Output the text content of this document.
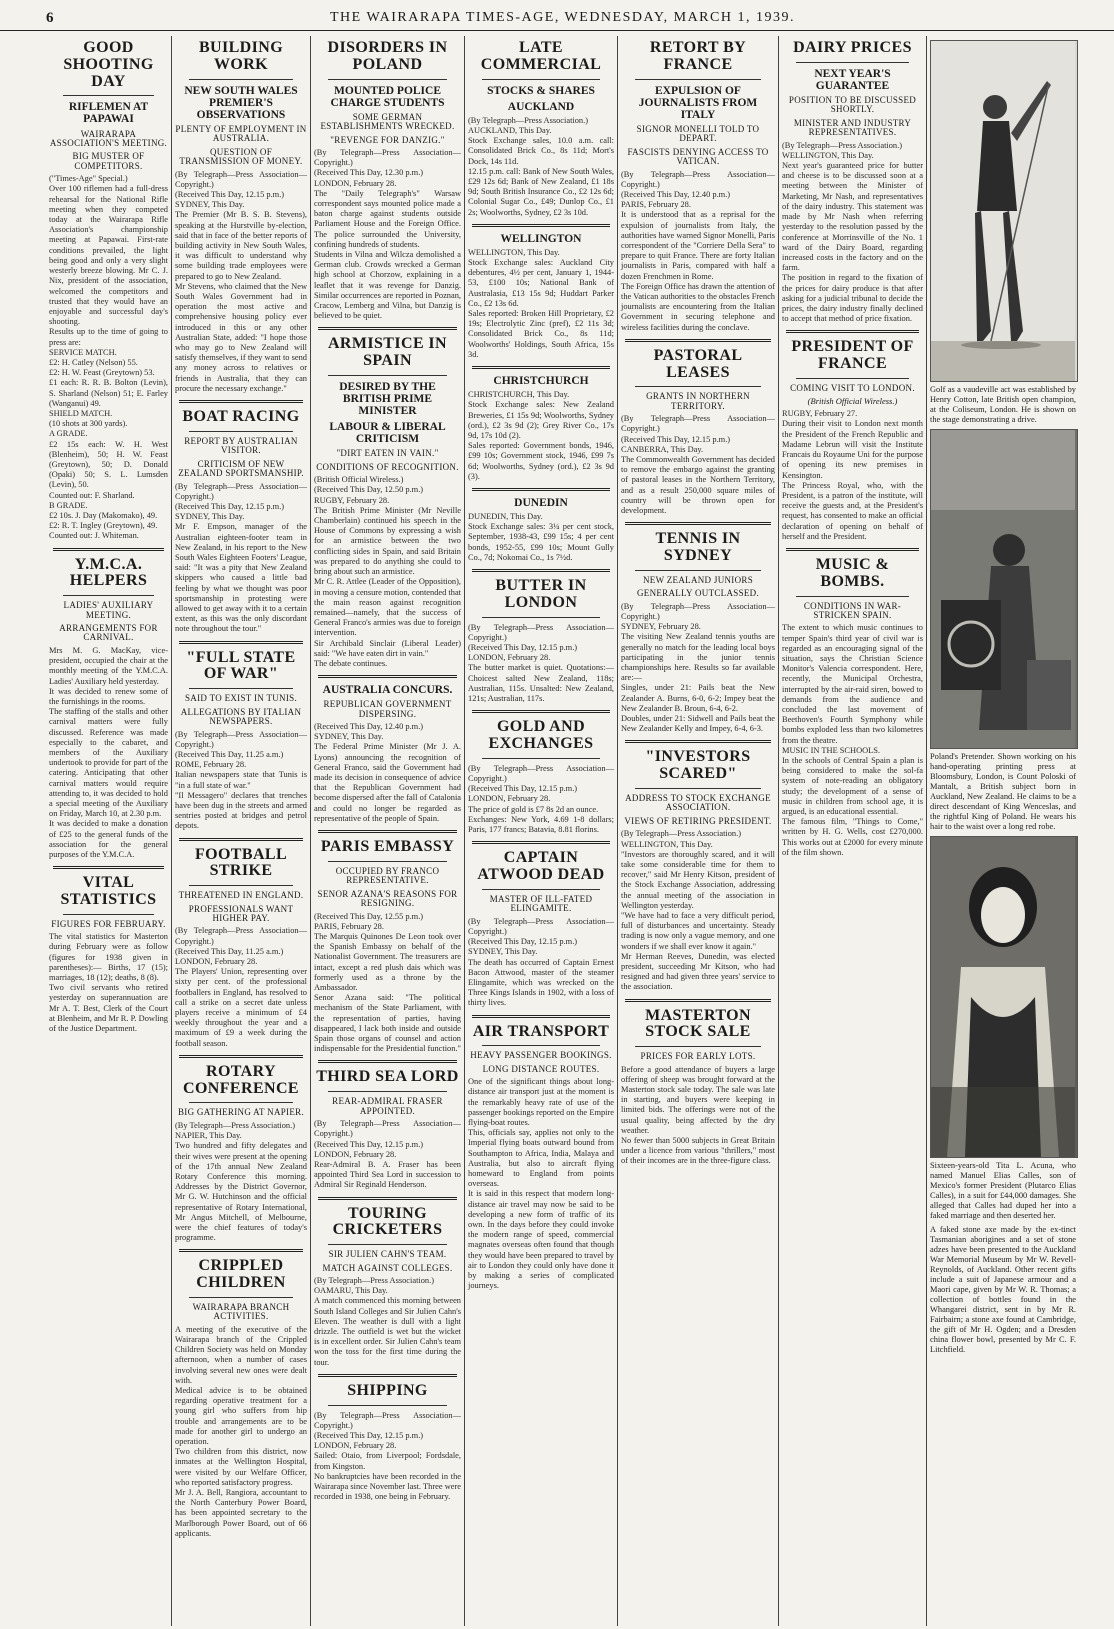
6	THE WAIRARAPA TIMES-AGE, WEDNESDAY, MARCH 1, 1939.
GOOD SHOOTING DAY
RIFLEMEN AT PAPAWAI
WAIRARAPA ASSOCIATION'S MEETING.
BIG MUSTER OF COMPETITORS.

("Times-Age" Special.)
Over 100 riflemen had a full-dress rehearsal for the National Rifle meeting when they competed today at the Wairarapa Rifle Association's championship meeting at Papawai. First-rate conditions prevailed, the light being good and only a very slight westerly breeze blowing. Mr C. J. Nix, president of the association, welcomed the competitors and trusted that they would have an enjoyable and successful day's shooting.
Results up to the time of going to press are:
SERVICE MATCH.
£2: H. Catley (Nelson) 55.
£2: H. W. Feast (Greytown) 53.
£1 each: R. R. B. Bolton (Levin), S. Sharland (Nelson) 51; E. Farley (Wanganui) 49.
SHIELD MATCH.
(10 shots at 300 yards).
A GRADE.
£2 15s each: W. H. West (Blenheim), 50; H. W. Feast (Greytown), 50; D. Donald (Opaki) 50; S. L. Lumsden (Levin), 50.
Counted out: F. Sharland.
B GRADE.
£2 10s. J. Day (Makomako), 49.
£2: R. T. Ingley (Greytown), 49.
Counted out: J. Whiteman.

Y.M.C.A. HELPERS
LADIES' AUXILIARY MEETING.
ARRANGEMENTS FOR CARNIVAL.

Mrs M. G. MacKay, vice-president, occupied the chair at the monthly meeting of the Y.M.C.A. Ladies' Auxiliary held yesterday.
It was decided to renew some of the furnishings in the rooms.
The staffing of the stalls and other carnival matters were fully discussed. Reference was made especially to the cabaret, and members of the Auxiliary undertook to provide for part of the catering. Anticipating that other carnival matters would require attending to, it was decided to hold a special meeting of the Auxiliary on Friday, March 10, at 2.30 p.m.
It was decided to make a donation of £25 to the general funds of the association for the general purposes of the Y.M.C.A.

VITAL STATISTICS
FIGURES FOR FEBRUARY.

The vital statistics for Masterton during February were as follow (figures for 1938 given in parentheses):— Births, 17 (15); marriages, 18 (12); deaths, 8 (8).
Two civil servants who retired yesterday on superannuation are Mr A. T. Best, Clerk of the Court at Blenheim, and Mr R. P. Dowling of the Justice Department.

BUILDING WORK
NEW SOUTH WALES PREMIER'S OBSERVATIONS
PLENTY OF EMPLOYMENT IN AUSTRALIA.
QUESTION OF TRANSMISSION OF MONEY.

(By Telegraph—Press Association—Copyright.)
(Received This Day, 12.15 p.m.)
SYDNEY, This Day.
The Premier (Mr B. S. B. Stevens), speaking at the Hurstville by-election, said that in face of the better reports of building activity in New South Wales, it was difficult to understand why some building trade employees were prepared to go to New Zealand.
Mr Stevens, who claimed that the New South Wales Government had in operation the most active and comprehensive housing policy ever introduced in this or any other Australian State, added: "I hope those who may go to New Zealand will satisfy themselves, if they want to send any money across to relatives or friends in Australia, that they can procure the necessary exchange."

BOAT RACING
REPORT BY AUSTRALIAN VISITOR.
CRITICISM OF NEW ZEALAND SPORTSMANSHIP.

(By Telegraph—Press Association—Copyright.)
(Received This Day, 12.15 p.m.)
SYDNEY, This Day.
Mr F. Empson, manager of the Australian eighteen-footer team in New Zealand, in his report to the New South Wales Eighteen Footers' League, said: "It was a pity that New Zealand skippers who caused a little bad feeling by what we thought was poor sportsmanship in protesting were allowed to get away with it to a certain extent, as this was the only discordant note throughout the tour."

"FULL STATE OF WAR"
SAID TO EXIST IN TUNIS.
ALLEGATIONS BY ITALIAN NEWSPAPERS.

(By Telegraph—Press Association—Copyright.)
(Received This Day, 11.25 a.m.)
ROME, February 28.
Italian newspapers state that Tunis is "in a full state of war."
"Il Messagero" declares that trenches have been dug in the streets and armed sentries posted at bridges and petrol depots.

FOOTBALL STRIKE
THREATENED IN ENGLAND.
PROFESSIONALS WANT HIGHER PAY.

(By Telegraph—Press Association—Copyright.)
(Received This Day, 11.25 a.m.)
LONDON, February 28.
The Players' Union, representing over sixty per cent. of the professional footballers in England, has resolved to call a strike on a secret date unless players receive a minimum of £4 weekly throughout the year and a maximum of £9 a week during the football season.

ROTARY CONFERENCE
BIG GATHERING AT NAPIER.

(By Telegraph—Press Association.)
NAPIER, This Day.
Two hundred and fifty delegates and their wives were present at the opening of the 17th annual New Zealand Rotary Conference this morning. Addresses by the District Governor, Mr G. W. Hutchinson and the official representative of Rotary International, Mr Angus Mitchell, of Melbourne, were the chief features of today's programme.

CRIPPLED CHILDREN
WAIRARAPA BRANCH ACTIVITIES.

A meeting of the executive of the Wairarapa branch of the Crippled Children Society was held on Monday afternoon, when a number of cases involving several new ones were dealt with.
Medical advice is to be obtained regarding operative treatment for a young girl who suffers from hip trouble and arrangements are to be made for another girl to undergo an operation.
Two children from this district, now inmates at the Wellington Hospital, were visited by our Welfare Officer, who reported satisfactory progress.
Mr J. A. Bell, Rangiora, accountant to the North Canterbury Power Board, has been appointed secretary to the Marlborough Power Board, out of 66 applicants.

DISORDERS IN POLAND
MOUNTED POLICE CHARGE STUDENTS
SOME GERMAN ESTABLISHMENTS WRECKED.
"REVENGE FOR DANZIG."

(By Telegraph—Press Association—Copyright.)
(Received This Day, 12.30 p.m.)
LONDON, February 28.
The "Daily Telegraph's" Warsaw correspondent says mounted police made a baton charge against students outside Parliament House and the Foreign Office. The police surrounded the University, confining hundreds of students.
Students in Vilna and Wilcza demolished a German club. Crowds wrecked a German high school at Chorzow, explaining in a leaflet that it was revenge for Danzig. Similar occurrences are reported in Poznan, Cracow, Lemberg and Vilna, but Danzig is believed to be quiet.

ARMISTICE IN SPAIN
DESIRED BY THE BRITISH PRIME MINISTER
LABOUR & LIBERAL CRITICISM
"DIRT EATEN IN VAIN."
CONDITIONS OF RECOGNITION.

(British Official Wireless.)
(Received This Day, 12.50 p.m.)
RUGBY, February 28.
The British Prime Minister (Mr Neville Chamberlain) continued his speech in the House of Commons by expressing a wish for an armistice between the two conflicting sides in Spain, and said Britain was prepared to do anything she could to bring about such an armistice.
Mr C. R. Attlee (Leader of the Opposition), in moving a censure motion, contended that the main reason against recognition remained—namely, that the success of General Franco's armies was due to foreign intervention.
Sir Archibald Sinclair (Liberal Leader) said: "We have eaten dirt in vain."
The debate continues.

AUSTRALIA CONCURS.
REPUBLICAN GOVERNMENT DISPERSING.

(Received This Day, 12.40 p.m.)
SYDNEY, This Day.
The Federal Prime Minister (Mr J. A. Lyons) announcing the recognition of General Franco, said the Government had made its decision in consequence of advice that the Republican Government had become dispersed after the fall of Catalonia and could no longer be regarded as representative of the people of Spain.

PARIS EMBASSY
OCCUPIED BY FRANCO REPRESENTATIVE.
SENOR AZANA'S REASONS FOR RESIGNING.

(Received This Day, 12.55 p.m.)
PARIS, February 28.
The Marquis Quinones De Leon took over the Spanish Embassy on behalf of the Nationalist Government. The treasurers are intact, except a red plush dais which was formerly used as a throne by the Ambassador.
Senor Azana said: "The political mechanism of the State Parliament, with the representation of parties, having disappeared, I lack both inside and outside Spain those organs of counsel and action indispensable for the Presidential function."

THIRD SEA LORD
REAR-ADMIRAL FRASER APPOINTED.

(By Telegraph—Press Association—Copyright.)
(Received This Day, 12.15 p.m.)
LONDON, February 28.
Rear-Admiral B. A. Fraser has been appointed Third Sea Lord in succession to Admiral Sir Reginald Henderson.

TOURING CRICKETERS
SIR JULIEN CAHN'S TEAM.
MATCH AGAINST COLLEGES.

(By Telegraph—Press Association.)
OAMARU, This Day.
A match commenced this morning between South Island Colleges and Sir Julien Cahn's Eleven. The weather is dull with a light drizzle. The outfield is wet but the wicket is in excellent order. Sir Julien Cahn's team won the toss for the first time during the tour.

SHIPPING

(By Telegraph—Press Association—Copyright.)
(Received This Day, 12.15 p.m.)
LONDON, February 28.
Sailed: Otaio, from Liverpool; Fordsdale, from Kingston.
No bankruptcies have been recorded in the Wairarapa since November last. Three were recorded in 1938, one being in February.

LATE COMMERCIAL
STOCKS & SHARES
AUCKLAND

(By Telegraph—Press Association.)
AUCKLAND, This Day.
Stock Exchange sales, 10.0 a.m. call: Consolidated Brick Co., 8s 11d; Mort's Dock, 14s 11d.
12.15 p.m. call: Bank of New South Wales, £29 12s 6d; Bank of New Zealand, £1 18s 9d; South British Insurance Co., £2 12s 6d; Colonial Sugar Co., £49; Dunlop Co., £1 2s; Woolworths, Sydney, £2 3s 10d.

WELLINGTON

WELLINGTON, This Day.
Stock Exchange sales: Auckland City debentures, 4½ per cent, January 1, 1944-53, £100 10s; National Bank of Australasia, £13 15s 9d; Huddart Parker Co., £2 13s 6d.
Sales reported: Broken Hill Proprietary, £2 19s; Electrolytic Zinc (pref), £2 11s 3d; Consolidated Brick Co., 8s 11d; Woolworths' Holdings, South Africa, 15s 3d.

CHRISTCHURCH

CHRISTCHURCH, This Day.
Stock Exchange sales: New Zealand Breweries, £1 15s 9d; Woolworths, Sydney (ord.), £2 3s 9d (2); Grey River Co., 17s 9d, 17s 10d (2).
Sales reported: Government bonds, 1946, £99 10s; Government stock, 1946, £99 7s 6d; Woolworths, Sydney (ord.), £2 3s 9d (3).

DUNEDIN

DUNEDIN, This Day.
Stock Exchange sales: 3¼ per cent stock, September, 1938-43, £99 15s; 4 per cent bonds, 1952-55, £99 10s; Mount Gully Co., 7d; Nokomai Co., 1s 7½d.

BUTTER IN LONDON

(By Telegraph—Press Association—Copyright.)
(Received This Day, 12.15 p.m.)
LONDON, February 28.
The butter market is quiet. Quotations:—Choicest salted New Zealand, 118s; Australian, 115s. Unsalted: New Zealand, 121s; Australian, 117s.

GOLD AND EXCHANGES

(By Telegraph—Press Association—Copyright.)
(Received This Day, 12.15 p.m.)
LONDON, February 28.
The price of gold is £7 8s 2d an ounce.
Exchanges: New York, 4.69 1-8 dollars; Paris, 177 francs; Batavia, 8.81 florins.

CAPTAIN ATWOOD DEAD
MASTER OF ILL-FATED ELINGAMITE.

(By Telegraph—Press Association—Copyright.)
(Received This Day, 12.15 p.m.)
SYDNEY, This Day.
The death has occurred of Captain Ernest Bacon Attwood, master of the steamer Elingamite, which was wrecked on the Three Kings Islands in 1902, with a loss of thirty lives.

AIR TRANSPORT
HEAVY PASSENGER BOOKINGS.
LONG DISTANCE ROUTES.

One of the significant things about long-distance air transport just at the moment is the remarkably heavy rate of use of the passenger bookings reported on the Empire flying-boat routes.
This, officials say, applies not only to the Imperial flying boats outward bound from Southampton to Africa, India, Malaya and Australia, but also to aircraft flying homeward to England from points overseas.
It is said in this respect that modern long-distance air travel may now be said to be developing a new form of traffic of its own. In the days before they could invoke the modern range of speed, commercial magnates overseas often found that though they would have been prepared to travel by air to London they could only have done it by making a series of complicated journeys.

RETORT BY FRANCE
EXPULSION OF JOURNALISTS FROM ITALY
SIGNOR MONELLI TOLD TO DEPART.
FASCISTS DENYING ACCESS TO VATICAN.

(By Telegraph—Press Association—Copyright.)
(Received This Day, 12.40 p.m.)
PARIS, February 28.
It is understood that as a reprisal for the expulsion of journalists from Italy, the authorities have warned Signor Monelli, Paris correspondent of the "Corriere Della Sera" to prepare to quit France. There are forty Italian journalists in Paris, compared with half a dozen Frenchmen in Rome.
The Foreign Office has drawn the attention of the Vatican authorities to the obstacles French journalists are encountering from the Italian Government in securing telephone and wireless facilities during the conclave.

PASTORAL LEASES
GRANTS IN NORTHERN TERRITORY.

(By Telegraph—Press Association—Copyright.)
(Received This Day, 12.15 p.m.)
CANBERRA, This Day.
The Commonwealth Government has decided to remove the embargo against the granting of pastoral leases in the Northern Territory, and as a result 250,000 square miles of country will be thrown open for development.

TENNIS IN SYDNEY
NEW ZEALAND JUNIORS
GENERALLY OUTCLASSED.

(By Telegraph—Press Association—Copyright.)
SYDNEY, February 28.
The visiting New Zealand tennis youths are generally no match for the leading local boys participating in the junior tennis championships here. Results so far available are:—
Singles, under 21: Pails beat the New Zealander A. Burns, 6-0, 6-2; Impey beat the New Zealander B. Broun, 6-4, 6-2.
Doubles, under 21: Sidwell and Pails beat the New Zealander Kelly and Impey, 6-4, 6-3.

"INVESTORS SCARED"
ADDRESS TO STOCK EXCHANGE ASSOCIATION.
VIEWS OF RETIRING PRESIDENT.

(By Telegraph—Press Association.)
WELLINGTON, This Day.
"Investors are thoroughly scared, and it will take some considerable time for them to recover," said Mr Henry Kitson, president of the Stock Exchange Association, addressing the annual meeting of the association in Wellington yesterday.
"We have had to face a very difficult period, full of disturbances and uncertainty. Steady trading is now only a vague memory, and one wonders if we shall ever know it again."
Mr Herman Reeves, Dunedin, was elected president, succeeding Mr Kitson, who had resigned and had given three years' service to the association.

MASTERTON STOCK SALE
PRICES FOR EARLY LOTS.

Before a good attendance of buyers a large offering of sheep was brought forward at the Masterton stock sale today. The sale was late in starting, and buyers were keeping in limited bids. The offerings were not of the usual quality, being affected by the dry weather.
No fewer than 5000 subjects in Great Britain under a licence from various "thrillers," most of their incomes are in the three-figure class.

DAIRY PRICES
NEXT YEAR'S GUARANTEE
POSITION TO BE DISCUSSED SHORTLY.
MINISTER AND INDUSTRY REPRESENTATIVES.

(By Telegraph—Press Association.)
WELLINGTON, This Day.
Next year's guaranteed price for butter and cheese is to be discussed soon at a meeting between the Minister of Marketing, Mr Nash, and representatives of the dairy industry. This statement was made by Mr Nash when referring yesterday to the resolution passed by the conference at Morrinsville of the No. 1 ward of the Dairy Board, regarding increased costs in the factory and on the farm.
The position in regard to the fixation of the prices for dairy produce is that after asking for a judicial tribunal to decide the prices, the dairy industry finally declined to accept that method of price fixation.

PRESIDENT OF FRANCE
COMING VISIT TO LONDON.
(British Official Wireless.)

RUGBY, February 27.
During their visit to London next month the President of the French Republic and Madame Lebrun will visit the Institute Francais du Royaume Uni for the purpose of opening its new premises in Kensington.
The Princess Royal, who, with the President, is a patron of the institute, will receive the guests and, at the President's request, has consented to make an official declaration of opening on behalf of herself and the President.

MUSIC & BOMBS.
CONDITIONS IN WAR-STRICKEN SPAIN.

The extent to which music continues to temper Spain's third year of civil war is regarded as an encouraging signal of the situation, says the Christian Science Monitor's Valencia correspondent. Here, recently, the Municipal Orchestra, interrupted by the air-raid siren, bowed to demands from the audience and concluded the last movement of Beethoven's Fourth Symphony while bombs exploded less than two kilometres from the theatre.
MUSIC IN THE SCHOOLS.
In the schools of Central Spain a plan is being considered to make the sol-fa system of note-reading an obligatory study; the development of a sense of music in children from school age, it is argued, is an educational essential.
The famous film, "Things to Come," written by H. G. Wells, cost £270,000. This works out at £2000 for every minute of the film shown.

Golf as a vaudeville act was established by Henry Cotton, late British open champion, at the Coliseum, London. He is shown on the stage demonstrating a drive.

Poland's Pretender. Shown working on his hand-operating printing press at Bloomsbury, London, is Count Poloski of Mantalt, a British subject born in Auckland, New Zealand. He claims to be a direct descendant of King Wenceslas, and the rightful King of Poland. He wears his hair to the waist over a long red robe.

Sixteen-years-old Tita L. Acuna, who named Manuel Elias Calles, son of Mexico's former President (Plutarco Elias Calles), in a suit for £44,000 damages. She alleged that Calles had duped her into a faked marriage and then deserted her.

A faked stone axe made by the ex-tinct Tasmanian aborigines and a set of stone adzes have been presented to the Auckland War Memorial Museum by Mr W. Revell-Reynolds, of Auckland. Other recent gifts include a suit of Japanese armour and a Maori cape, given by Mr W. R. Thomas; a collection of bottles found in the Whangarei district, sent in by Mr R. Fairbairn; a stone axe found at Cambridge, the gift of Mr H. Ogden; and a Dresden china flower bowl, presented by Mr C. F. Litchfield.
